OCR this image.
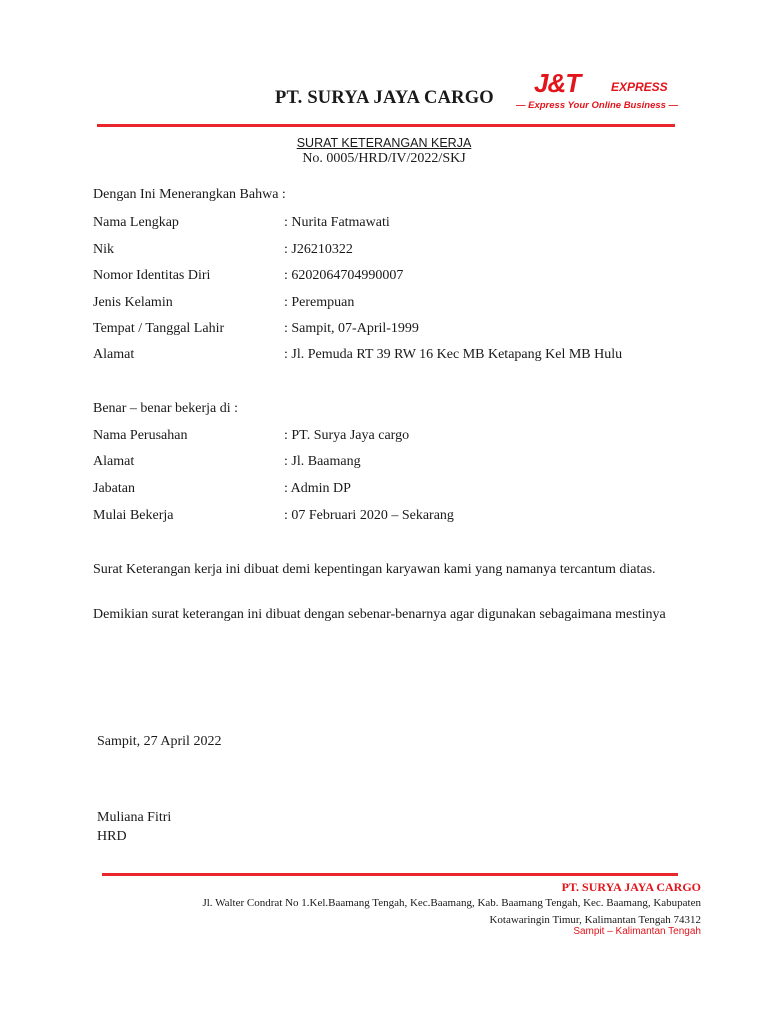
PT. SURYA JAYA CARGO J&T	EXPRESS
— Express Your Online Business —
SURAT KETERANGAN KERJA
No. 0005/HRD/IV/2022/SKJ
Dengan Ini Menerangkan Bahwa :
Nama Lengkap	: Nurita Fatmawati
Nik	: J26210322
Nomor Identitas Diri	: 6202064704990007
Jenis Kelamin	: Perempuan
Tempat / Tanggal Lahir	: Sampit, 07-April-1999
Alamat	: Jl. Pemuda RT 39 RW 16 Kec MB Ketapang Kel MB Hulu
Benar – benar bekerja di :
Nama Perusahan	: PT. Surya Jaya cargo
Alamat	: Jl. Baamang
Jabatan	: Admin DP
Mulai Bekerja	: 07 Februari 2020 – Sekarang
Surat Keterangan kerja ini dibuat demi kepentingan karyawan kami yang namanya tercantum diatas.
Demikian surat keterangan ini dibuat dengan sebenar-benarnya agar digunakan sebagaimana mestinya
Sampit, 27 April 2022
Muliana Fitri
HRD
PT. SURYA JAYA CARGO
Jl. Walter Condrat No 1.Kel.Baamang Tengah, Kec.Baamang, Kab. Baamang Tengah, Kec. Baamang, Kabupaten Kotawaringin Timur, Kalimantan Tengah 74312
Sampit – Kalimantan Tengah
